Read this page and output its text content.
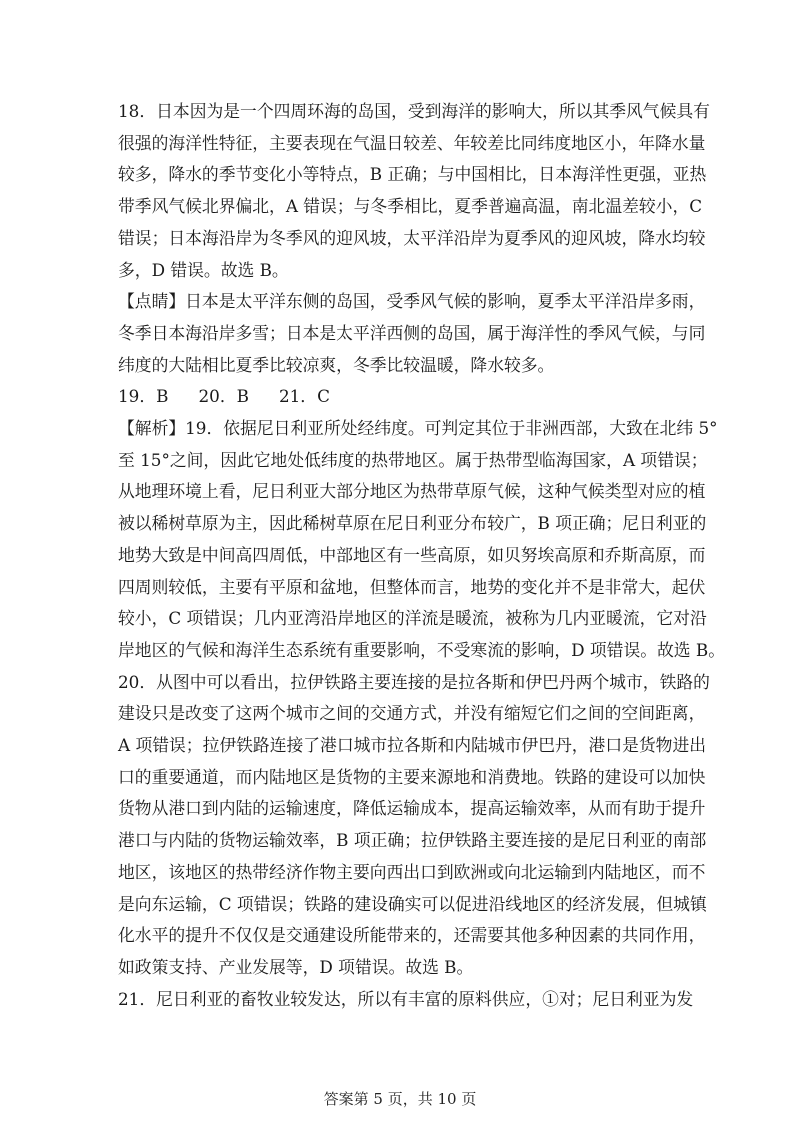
18．日本因为是一个四周环海的岛国，受到海洋的影响大，所以其季风气候具有
很强的海洋性特征，主要表现在气温日较差、年较差比同纬度地区小，年降水量
较多，降水的季节变化小等特点，B 正确；与中国相比，日本海洋性更强，亚热
带季风气候北界偏北，A 错误；与冬季相比，夏季普遍高温，南北温差较小，C
错误；日本海沿岸为冬季风的迎风坡，太平洋沿岸为夏季风的迎风坡，降水均较
多，D 错误。故选 B。
【点睛】日本是太平洋东侧的岛国，受季风气候的影响，夏季太平洋沿岸多雨，
冬季日本海沿岸多雪；日本是太平洋西侧的岛国，属于海洋性的季风气候，与同
纬度的大陆相比夏季比较凉爽，冬季比较温暖，降水较多。
19．B 20．B 21．C
【解析】19．依据尼日利亚所处经纬度。可判定其位于非洲西部，大致在北纬 5°
至 15°之间，因此它地处低纬度的热带地区。属于热带型临海国家，A 项错误；
从地理环境上看，尼日利亚大部分地区为热带草原气候，这种气候类型对应的植
被以稀树草原为主，因此稀树草原在尼日利亚分布较广，B 项正确；尼日利亚的
地势大致是中间高四周低，中部地区有一些高原，如贝努埃高原和乔斯高原，而
四周则较低，主要有平原和盆地，但整体而言，地势的变化并不是非常大，起伏
较小，C 项错误；几内亚湾沿岸地区的洋流是暖流，被称为几内亚暖流，它对沿
岸地区的气候和海洋生态系统有重要影响，不受寒流的影响，D 项错误。故选 B。
20．从图中可以看出，拉伊铁路主要连接的是拉各斯和伊巴丹两个城市，铁路的
建设只是改变了这两个城市之间的交通方式，并没有缩短它们之间的空间距离，
A 项错误；拉伊铁路连接了港口城市拉各斯和内陆城市伊巴丹，港口是货物进出
口的重要通道，而内陆地区是货物的主要来源地和消费地。铁路的建设可以加快
货物从港口到内陆的运输速度，降低运输成本，提高运输效率，从而有助于提升
港口与内陆的货物运输效率，B 项正确；拉伊铁路主要连接的是尼日利亚的南部
地区，该地区的热带经济作物主要向西出口到欧洲或向北运输到内陆地区，而不
是向东运输，C 项错误；铁路的建设确实可以促进沿线地区的经济发展，但城镇
化水平的提升不仅仅是交通建设所能带来的，还需要其他多种因素的共同作用，
如政策支持、产业发展等，D 项错误。故选 B。
21．尼日利亚的畜牧业较发达，所以有丰富的原料供应，①对；尼日利亚为发
答案第 5 页，共 10 页
